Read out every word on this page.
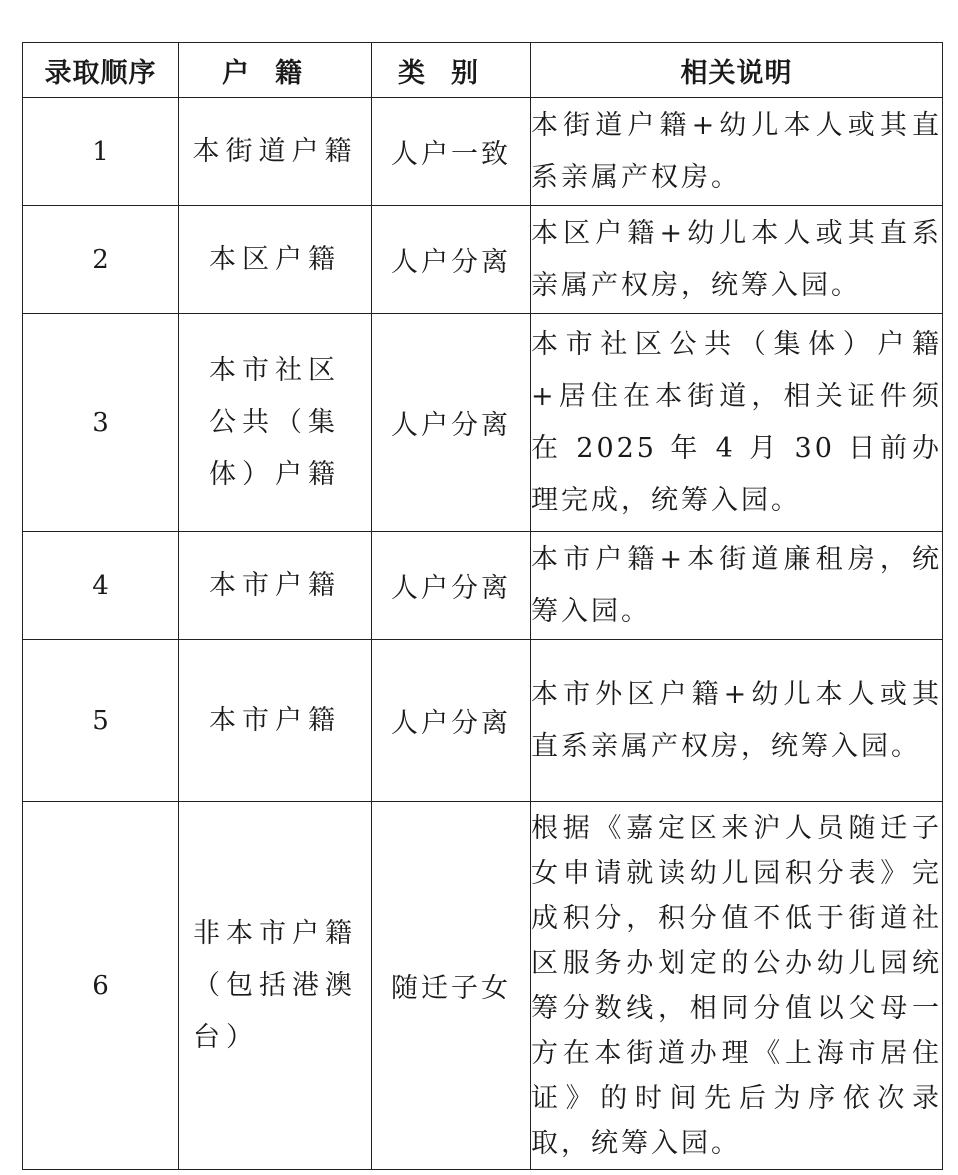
录取顺序	户籍	类别	相关说明
1	本街道户籍	人户一致	本街道户籍+幼儿本人或其直系亲属产权房。
2	本区户籍	人户分离	本区户籍+幼儿本人或其直系亲属产权房，统筹入园。
3	本市社区公共（集体）户籍	人户分离	本市社区公共（集体）户籍+居住在本街道，相关证件须在 2025 年 4 月 30 日前办理完成，统筹入园。
4	本市户籍	人户分离	本市户籍+本街道廉租房，统筹入园。
5	本市户籍	人户分离	本市外区户籍+幼儿本人或其直系亲属产权房，统筹入园。
6	非本市户籍（包括港澳台）	随迁子女	根据《嘉定区来沪人员随迁子女申请就读幼儿园积分表》完成积分，积分值不低于街道社区服务办划定的公办幼儿园统筹分数线，相同分值以父母一方在本街道办理《上海市居住证》的时间先后为序依次录取，统筹入园。
